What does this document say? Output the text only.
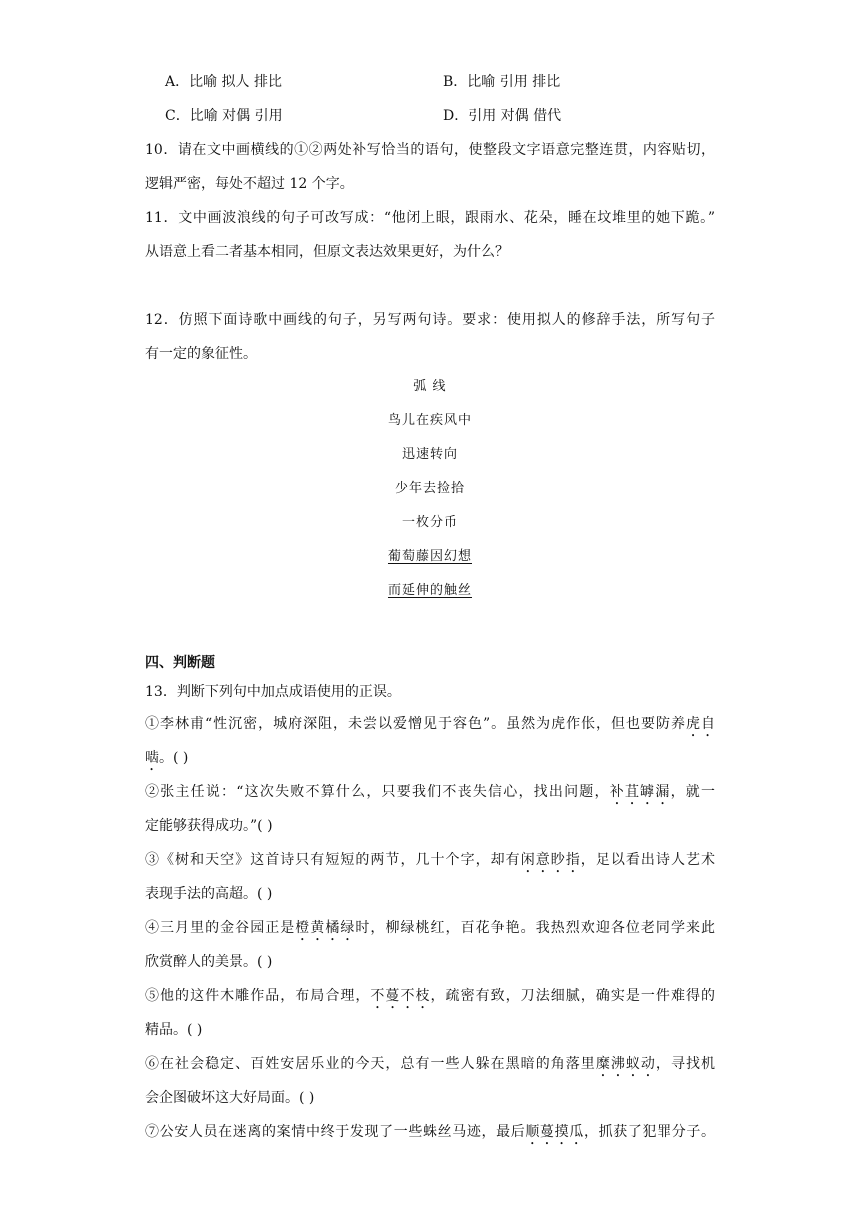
A．比喻 拟人 排比	B．比喻 引用 排比
C．比喻 对偶 引用	D．引用 对偶 借代
10．请在文中画横线的①②两处补写恰当的语句，使整段文字语意完整连贯，内容贴切，
逻辑严密，每处不超过 12 个字。
11．文中画波浪线的句子可改写成：“他闭上眼，跟雨水、花朵，睡在坟堆里的她下跪。”
从语意上看二者基本相同，但原文表达效果更好，为什么？
12．仿照下面诗歌中画线的句子，另写两句诗。要求：使用拟人的修辞手法，所写句子
有一定的象征性。
弧 线
鸟儿在疾风中
迅速转向
少年去捡拾
一枚分币
葡萄藤因幻想
而延伸的触丝
四、判断题
13．判断下列句中加点成语使用的正误。
①李林甫“性沉密，城府深阻，未尝以爱憎见于容色”。虽然为虎作伥，但也要防养虎自
啮。( )
②张主任说：“这次失败不算什么，只要我们不丧失信心，找出问题，补苴罅漏，就一
定能够获得成功。”( )
③《树和天空》这首诗只有短短的两节，几十个字，却有闲意眇指，足以看出诗人艺术
表现手法的高超。( )
④三月里的金谷园正是橙黄橘绿时，柳绿桃红，百花争艳。我热烈欢迎各位老同学来此
欣赏醉人的美景。( )
⑤他的这件木雕作品，布局合理，不蔓不枝，疏密有致，刀法细腻，确实是一件难得的
精品。( )
⑥在社会稳定、百姓安居乐业的今天，总有一些人躲在黑暗的角落里糜沸蚁动，寻找机
会企图破坏这大好局面。( )
⑦公安人员在迷离的案情中终于发现了一些蛛丝马迹，最后顺蔓摸瓜，抓获了犯罪分子。
